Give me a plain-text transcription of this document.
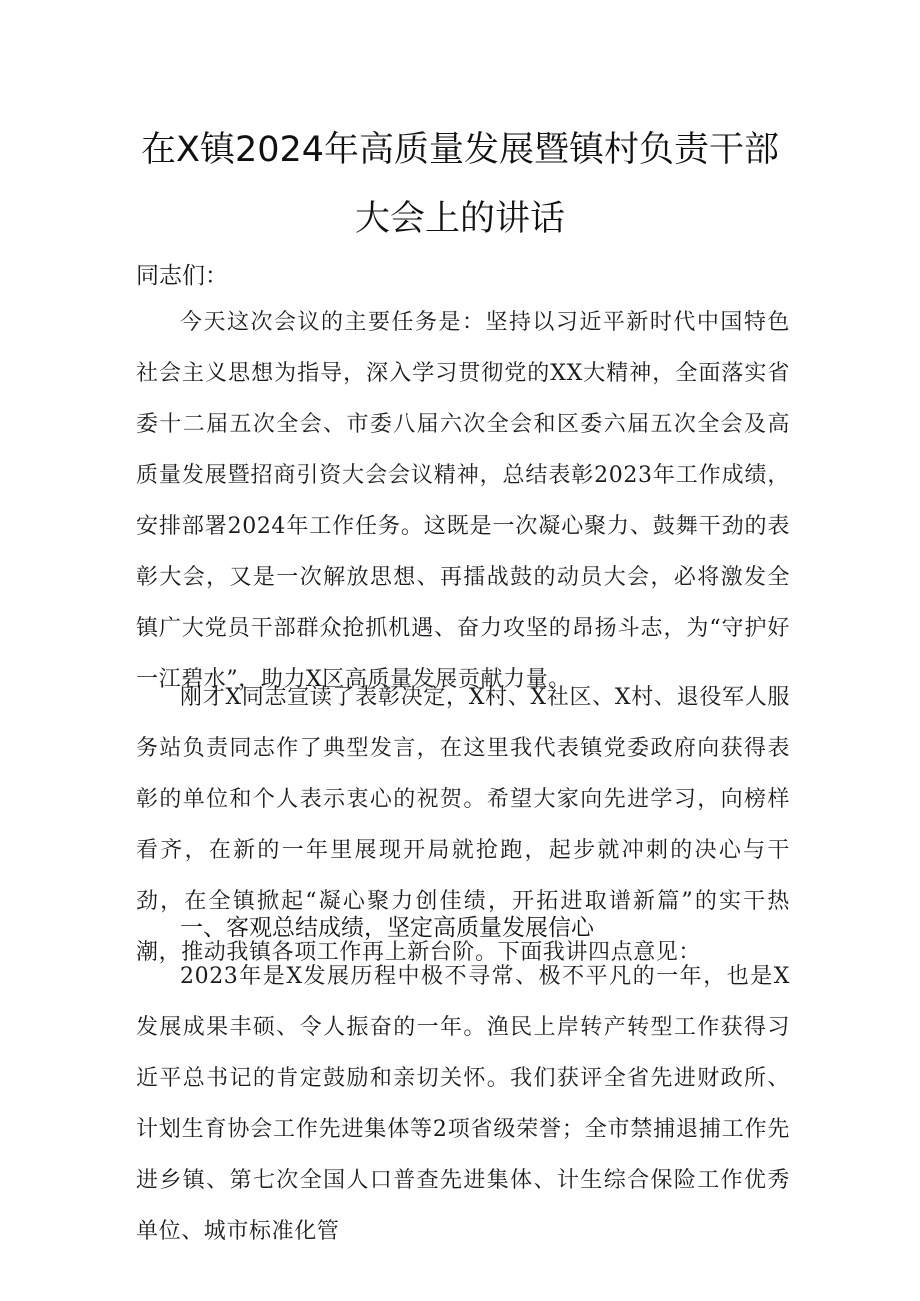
在X镇2024年高质量发展暨镇村负责干部
大会上的讲话
同志们：

今天这次会议的主要任务是：坚持以习近平新时代中国特色社会主义思想为指导，深入学习贯彻党的XX大精神，全面落实省委十二届五次全会、市委八届六次全会和区委六届五次全会及高质量发展暨招商引资大会会议精神，总结表彰2023年工作成绩，安排部署2024年工作任务。这既是一次凝心聚力、鼓舞干劲的表彰大会，又是一次解放思想、再擂战鼓的动员大会，必将激发全镇广大党员干部群众抢抓机遇、奋力攻坚的昂扬斗志，为“守护好一江碧水”，助力X区高质量发展贡献力量。

刚才X同志宣读了表彰决定，X村、X社区、X村、退役军人服务站负责同志作了典型发言，在这里我代表镇党委政府向获得表彰的单位和个人表示衷心的祝贺。希望大家向先进学习，向榜样看齐，在新的一年里展现开局就抢跑，起步就冲刺的决心与干劲，在全镇掀起“凝心聚力创佳绩，开拓进取谱新篇”的实干热潮，推动我镇各项工作再上新台阶。下面我讲四点意见：

一、客观总结成绩，坚定高质量发展信心

2023年是X发展历程中极不寻常、极不平凡的一年，也是X发展成果丰硕、令人振奋的一年。渔民上岸转产转型工作获得习近平总书记的肯定鼓励和亲切关怀。我们获评全省先进财政所、计划生育协会工作先进集体等2项省级荣誉；全市禁捕退捕工作先进乡镇、第七次全国人口普查先进集体、计生综合保险工作优秀单位、城市标准化管
